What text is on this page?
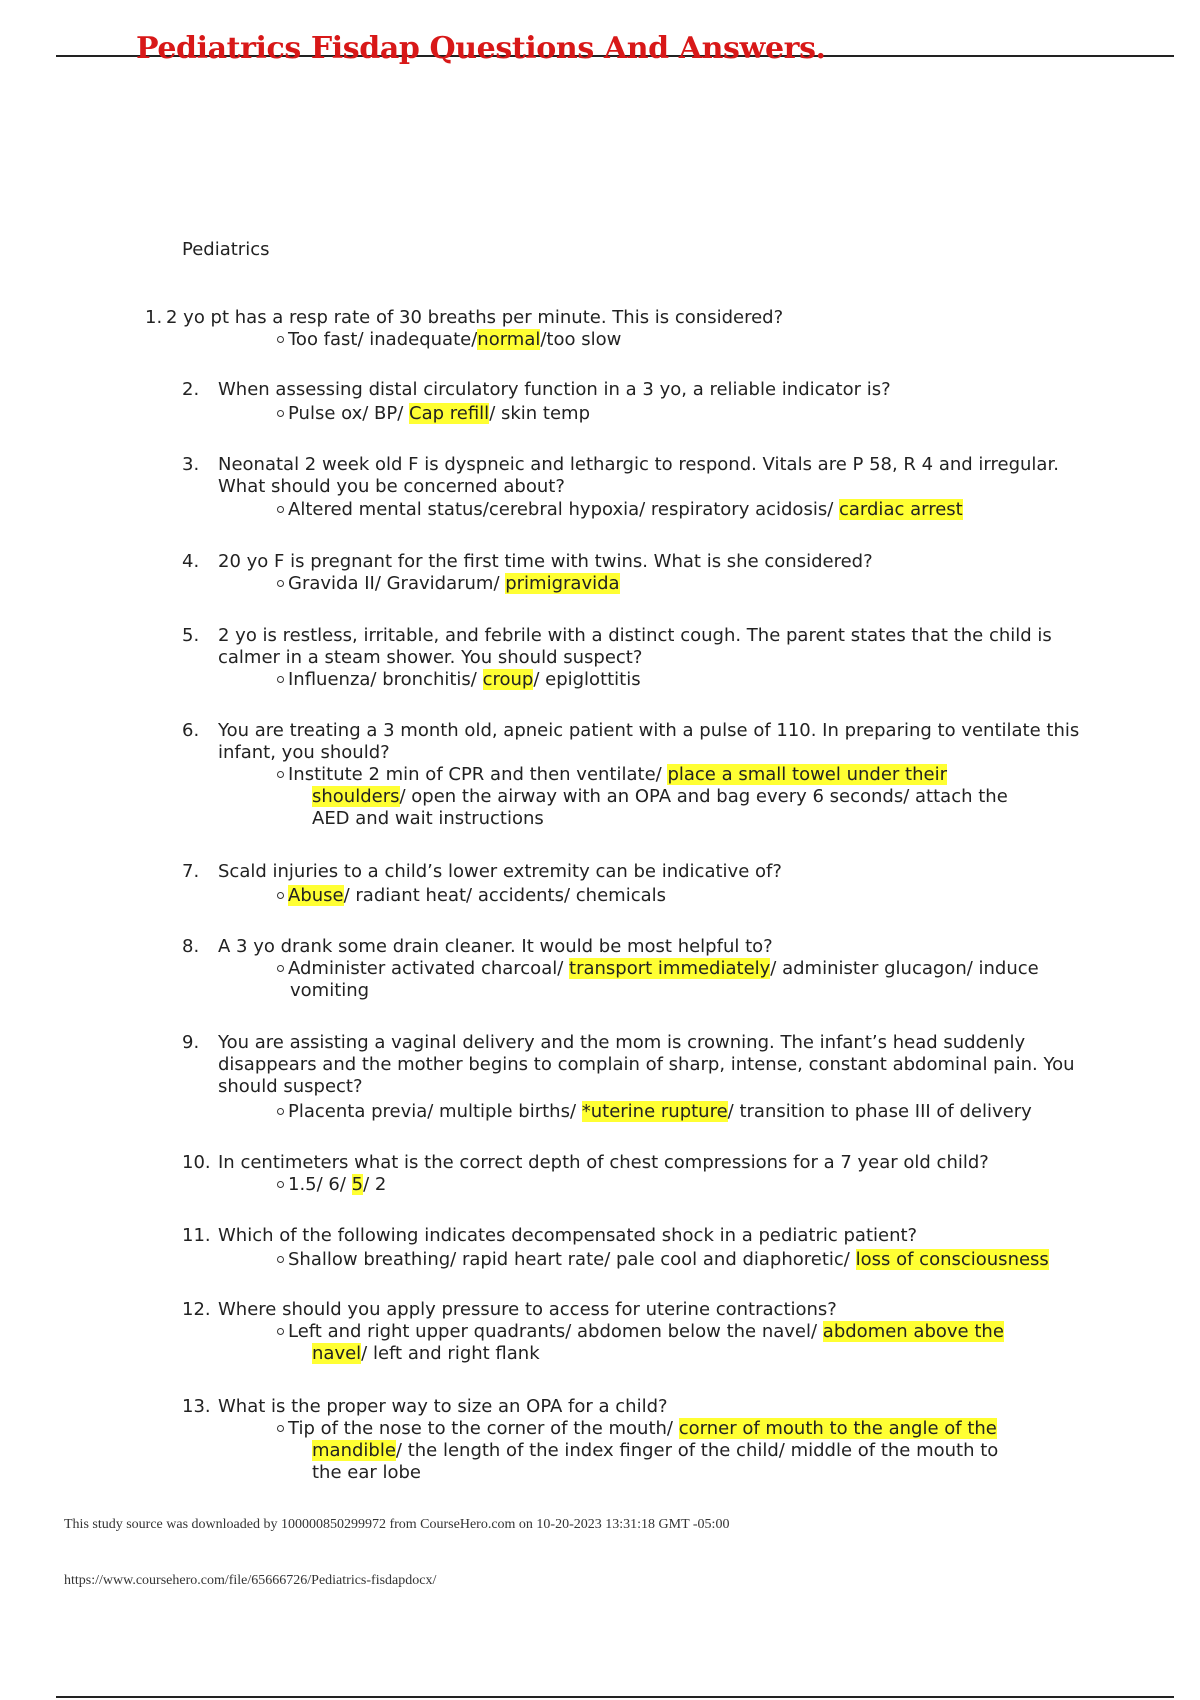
Pediatrics Fisdap Questions And Answers.
Pediatrics
1. 2 yo pt has a resp rate of 30 breaths per minute. This is considered?

Too fast/ inadequate/normal/too slow

2. When assessing distal circulatory function in a 3 yo, a reliable indicator is?

Pulse ox/ BP/ Cap refill/ skin temp

3. Neonatal 2 week old F is dyspneic and lethargic to respond. Vitals are P 58, R 4 and irregular. What should you be concerned about?

Altered mental status/cerebral hypoxia/ respiratory acidosis/ cardiac arrest

4. 20 yo F is pregnant for the first time with twins. What is she considered?

Gravida II/ Gravidarum/ primigravida

5. 2 yo is restless, irritable, and febrile with a distinct cough. The parent states that the child is calmer in a steam shower. You should suspect?

Influenza/ bronchitis/ croup/ epiglottitis

6. You are treating a 3 month old, apneic patient with a pulse of 110. In preparing to ventilate this infant, you should?

Institute 2 min of CPR and then ventilate/ place a small towel under their
shoulders/ open the airway with an OPA and bag every 6 seconds/ attach the
AED and wait instructions

7. Scald injuries to a child’s lower extremity can be indicative of?

Abuse/ radiant heat/ accidents/ chemicals

8. A 3 yo drank some drain cleaner. It would be most helpful to?

Administer activated charcoal/ transport immediately/ administer glucagon/ induce
vomiting

9. You are assisting a vaginal delivery and the mom is crowning. The infant’s head suddenly disappears and the mother begins to complain of sharp, intense, constant abdominal pain. You should suspect?

Placenta previa/ multiple births/ *uterine rupture/ transition to phase III of delivery

10. In centimeters what is the correct depth of chest compressions for a 7 year old child?

1.5/ 6/ 5/ 2

11. Which of the following indicates decompensated shock in a pediatric patient?

Shallow breathing/ rapid heart rate/ pale cool and diaphoretic/ loss of consciousness

12. Where should you apply pressure to access for uterine contractions?

Left and right upper quadrants/ abdomen below the navel/ abdomen above the
navel/ left and right flank

13. What is the proper way to size an OPA for a child?

Tip of the nose to the corner of the mouth/ corner of mouth to the angle of the
mandible/ the length of the index finger of the child/ middle of the mouth to
the ear lobe

This study source was downloaded by 100000850299972 from CourseHero.com on 10-20-2023 13:31:18 GMT -05:00
https://www.coursehero.com/file/65666726/Pediatrics-fisdapdocx/
